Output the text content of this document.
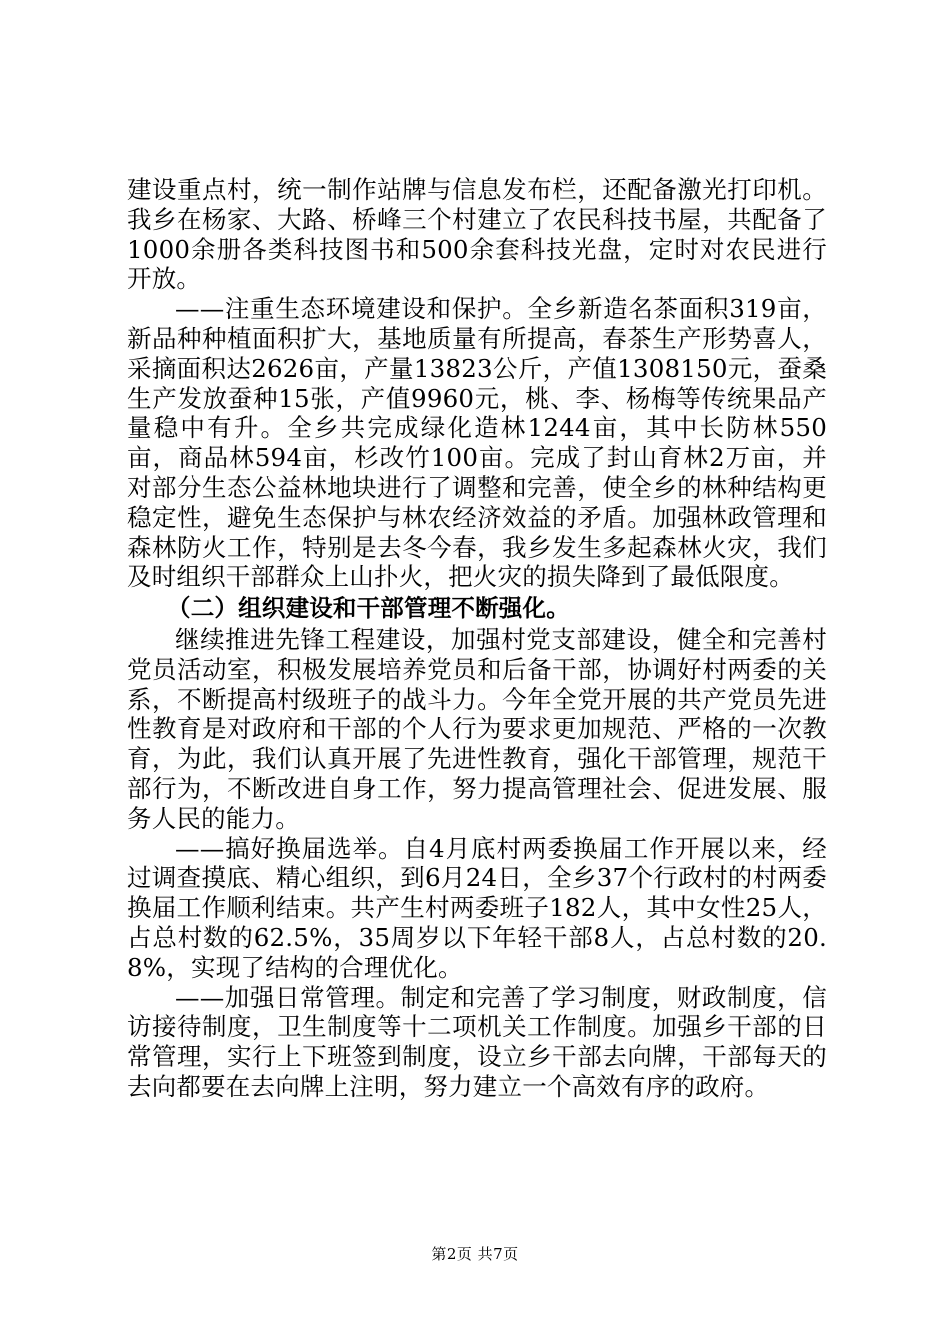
建设重点村，统一制作站牌与信息发布栏，还配备激光打印机。我乡在杨家、大路、桥峰三个村建立了农民科技书屋，共配备了1000余册各类科技图书和500余套科技光盘，定时对农民进行开放。

——注重生态环境建设和保护。全乡新造名茶面积319亩，新品种种植面积扩大，基地质量有所提高，春茶生产形势喜人，采摘面积达2626亩，产量13823公斤，产值1308150元，蚕桑生产发放蚕种15张，产值9960元，桃、李、杨梅等传统果品产量稳中有升。全乡共完成绿化造林1244亩，其中长防林550亩，商品林594亩，杉改竹100亩。完成了封山育林2万亩，并对部分生态公益林地块进行了调整和完善，使全乡的林种结构更稳定性，避免生态保护与林农经济效益的矛盾。加强林政管理和森林防火工作，特别是去冬今春，我乡发生多起森林火灾，我们及时组织干部群众上山扑火，把火灾的损失降到了最低限度。

（二）组织建设和干部管理不断强化。

继续推进先锋工程建设，加强村党支部建设，健全和完善村党员活动室，积极发展培养党员和后备干部，协调好村两委的关系，不断提高村级班子的战斗力。今年全党开展的共产党员先进性教育是对政府和干部的个人行为要求更加规范、严格的一次教育，为此，我们认真开展了先进性教育，强化干部管理，规范干部行为，不断改进自身工作，努力提高管理社会、促进发展、服务人民的能力。

——搞好换届选举。自4月底村两委换届工作开展以来，经过调查摸底、精心组织，到6月24日，全乡37个行政村的村两委换届工作顺利结束。共产生村两委班子182人，其中女性25人，占总村数的62.5%，35周岁以下年轻干部8人，占总村数的20.8%，实现了结构的合理优化。

——加强日常管理。制定和完善了学习制度，财政制度，信访接待制度，卫生制度等十二项机关工作制度。加强乡干部的日常管理，实行上下班签到制度，设立乡干部去向牌，干部每天的去向都要在去向牌上注明，努力建立一个高效有序的政府。

第2页 共7页
